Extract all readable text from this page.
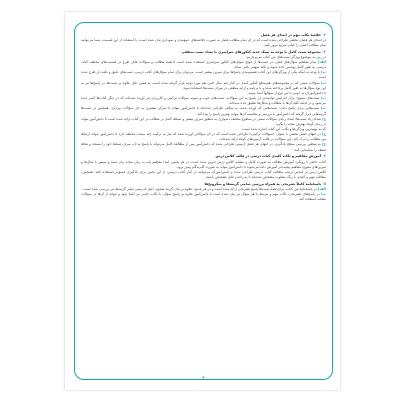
۲-خلاصهٔ نکات مهم در ابتدای هر فصل

در ابتدای هر فصل، بخشی طراحی شده است که در آن تمام مطالب فصل به صورت خلاصه‌های جمع‌بندی و نموداری بیان شده است. با استفاده از این قسمت، شما می‌توانید تمام مطالب اصلی را خیلی سریع مرور کنید.

۳-مجموعه تست کامل با توجه به سبک جدید کنکورهای سراسری با تعداد تست منطقی

در زیر، به موضوع ویژگی تست‌های این کتاب می‌پردازیم:

الف) تمام مفاهیم سؤال‌های قبلی: در تست‌ها از انواع سؤال‌های کنکور سراسری استفاده شده است تا همهٔ مطالب و سؤالات قابل طرح در قسمت‌های مختلف کتاب درسی، به طور کامل پوشش داده شوند و نکتهٔ مبهمی باقی نماند.
ب) با توجه به اینکه یکی از ویژگی‌های این کتاب تقسیم‌بندی پاسخ‌ها برای تمرین بیشتر است، می‌توان برای تمام سؤال‌های کتاب درسی، تست‌های دقیق و نکته دار طرح شده است.
پ) سؤالات تستی که در مجموعه‌های هم‌سطح کنکور آمده، در کنار چند سال اخیر، هم مورد توجه قرار گرفته شده است، به همین دلیل علاوه بر تست‌ها، در پاسخ‌ها نیز به این نوع سؤال‌ها به طور کامل پرداخته شده و با برنامه و ارایه منطقی در میزان تست‌ها استفاده شود.

تا دانش‌آموزان به خوبی با این نوع از سؤالها آشنا شوند.

ت) تست‌های متنوع: برای افزایش توانمندی در پاسخ به این سؤالات، تست‌های خوب و نمونه سؤالات ترکیبی و کاربردی نیز آورده شده‌اند که در دیگر کتاب‌ها کمتر دیده می‌شود و در ادامه کلیه‌ٔ آن‌ها با مطالب و شکل‌ها تطبیق داده شده‌اند.
ث) تست‌هایی برای پاسخ دادن: تست‌هایی که آورده شده، به شکلی طراحی شده‌اند تا دانش‌آموز بتواند با تمرکز بیشتری به حل سؤالات بپردازد. همچنین در تست‌ها گزینه‌هایی قرار گرفته که دانش‌آموز با بررسی و مقایسه آن‌ها بتواند بهترین پاسخ را پیدا کند.
ج) تعداد زیاد تست‌ها: تعداد زیادی سؤالات تستی در سطوح مختلف دشواری به منظور تمرین بیشتر و تسلط کامل بر مطالب در این کتاب ارائه شده است تا دانش‌آموز بتواند در زمان کوتاه بهترین نتیجه را بگیرد.

که به مهم‌ترین ویژگی‌ها و نکات این کتاب اشاره شده است.

چ) در انتهای فصل بخشی با عنوان «سؤالات ترکیبی» طراحی شده است که در آن سؤالاتی آورده شده که نیاز به ترکیب چند مبحث مختلف دارد تا دانش‌آموز بتواند ارتباط بین مطالب را درک کند. این سؤالات در قالب آزمون‌های کوتاه ارائه شده‌اند.
ح) به منظور بررسی سطح یادگیری، در انتهای هر فصل آزمونی طراحی شده که دانش‌آموز پس از مطالعهٔ کامل می‌تواند با پاسخ به آن، میزان تسلط خود را بسنجد و نقاط ضعف را شناسایی کند.
۴-آموزش مفاهیم و نکات کلیدی کتاب درسی در قالب کلاس درس

کتاب حاضر با رویکرد آموزش مطالب به صورت کامل و مشابه کلاس درس تدوین شده است. در هر بخش، ابتدا مفاهیم پایه به زبان ساده بیان شده و سپس با مثال‌ها و تمرین‌های متنوع، مفاهیم پیچیده‌تر آموزش داده می‌شوند تا دانش‌آموز بتواند به صورت گام‌به‌گام پیش برود.

کلاس درس بر اساس ترتیب مطالب کتاب درسی طراحی شده و دانش‌آموزان می‌توانند در کنار کتاب درسی، از این بخش برای یادگیری عمیق‌تر استفاده کنند. همچنین، مطالب مهم و کلیدی با رنگ متفاوت مشخص شده‌اند تا به راحتی قابل تشخیص باشند.

۵-پاسخنامهٔ کاملاً تشریحی به همراه بررسی تمامی گزینه‌ها و میکرونخ‌ها
الف) در پاسخنامهٔ این کتاب، برای همهٔ تست‌ها پاسخ تشریحی ارائه شده است و در هر پاسخ، علاوه بر بیان گزینهٔ صحیح، دلیل نادرستی سایر گزینه‌ها نیز بررسی شده است.
ب) در پاسخ‌های تشریحی، نکات مهم و مرتبط با هر سؤال نیز بیان شده است تا دانش‌آموز علاوه بر پاسخ سؤال، با نکات جانبی نیز آشنا شود و بتواند از آن‌ها در سؤالات مشابه استفاده کند.
۳
